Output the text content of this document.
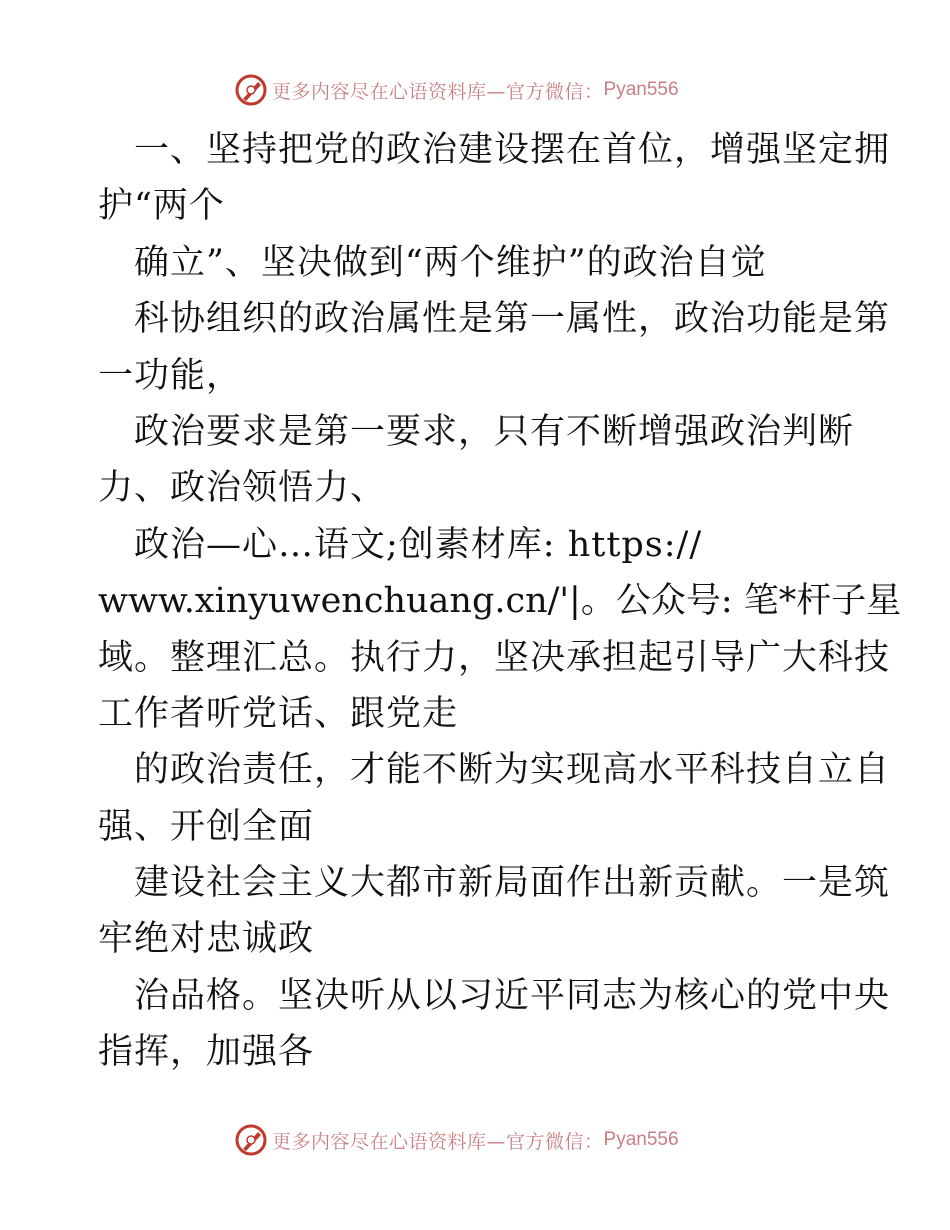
更多内容尽在心语资料库—官方微信： Pyan556
一、坚持把党的政治建设摆在首位，增强坚定拥
护“两个
确立”、坚决做到“两个维护”的政治自觉
科协组织的政治属性是第一属性，政治功能是第
一功能，
政治要求是第一要求，只有不断增强政治判断
力、政治领悟力、
政治—心…语文;创素材库: https://
www.xinyuwenchuang.cn/'|。公众号: 笔*杆子星
域。整理汇总。执行力，坚决承担起引导广大科技
工作者听党话、跟党走
的政治责任，才能不断为实现高水平科技自立自
强、开创全面
建设社会主义大都市新局面作出新贡献。一是筑
牢绝对忠诚政
治品格。坚决听从以习近平同志为核心的党中央
指挥，加强各
更多内容尽在心语资料库—官方微信： Pyan556
